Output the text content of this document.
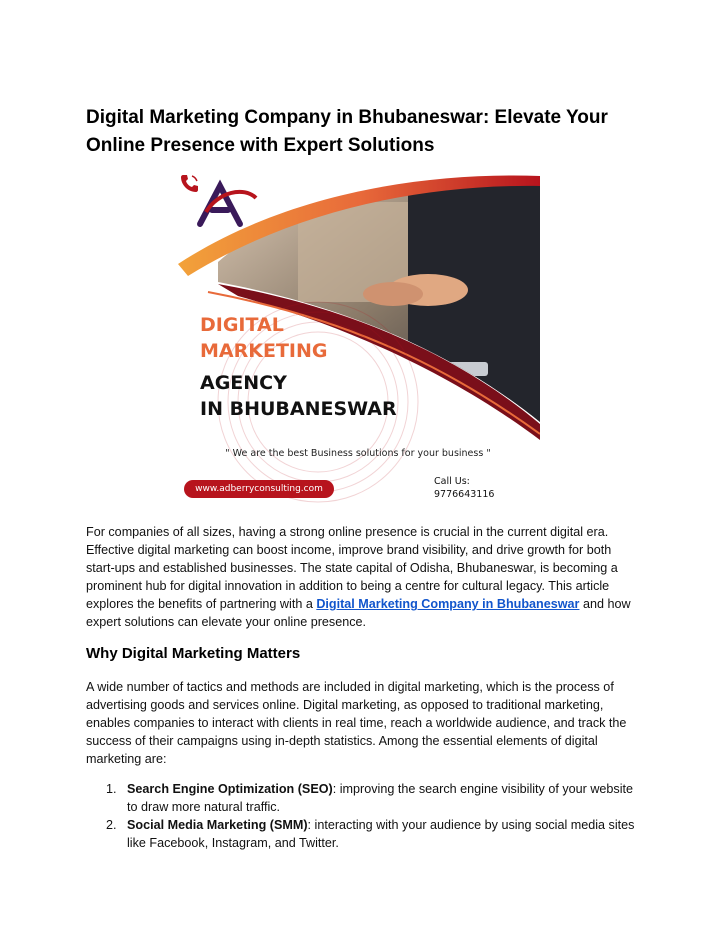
Digital Marketing Company in Bhubaneswar: Elevate Your Online Presence with Expert Solutions
DIGITAL
MARKETING
AGENCY
IN BHUBANESWAR
" We are the best Business solutions for your business "
www.adberryconsulting.com
Call Us:
9776643116
For companies of all sizes, having a strong online presence is crucial in the current digital era. Effective digital marketing can boost income, improve brand visibility, and drive growth for both start-ups and established businesses. The state capital of Odisha, Bhubaneswar, is becoming a prominent hub for digital innovation in addition to being a centre for cultural legacy. This article explores the benefits of partnering with a Digital Marketing Company in Bhubaneswar and how expert solutions can elevate your online presence.
Why Digital Marketing Matters
A wide number of tactics and methods are included in digital marketing, which is the process of advertising goods and services online. Digital marketing, as opposed to traditional marketing, enables companies to interact with clients in real time, reach a worldwide audience, and track the success of their campaigns using in-depth statistics. Among the essential elements of digital marketing are:
1. Search Engine Optimization (SEO): improving the search engine visibility of your website to draw more natural traffic.
2. Social Media Marketing (SMM): interacting with your audience by using social media sites like Facebook, Instagram, and Twitter.
